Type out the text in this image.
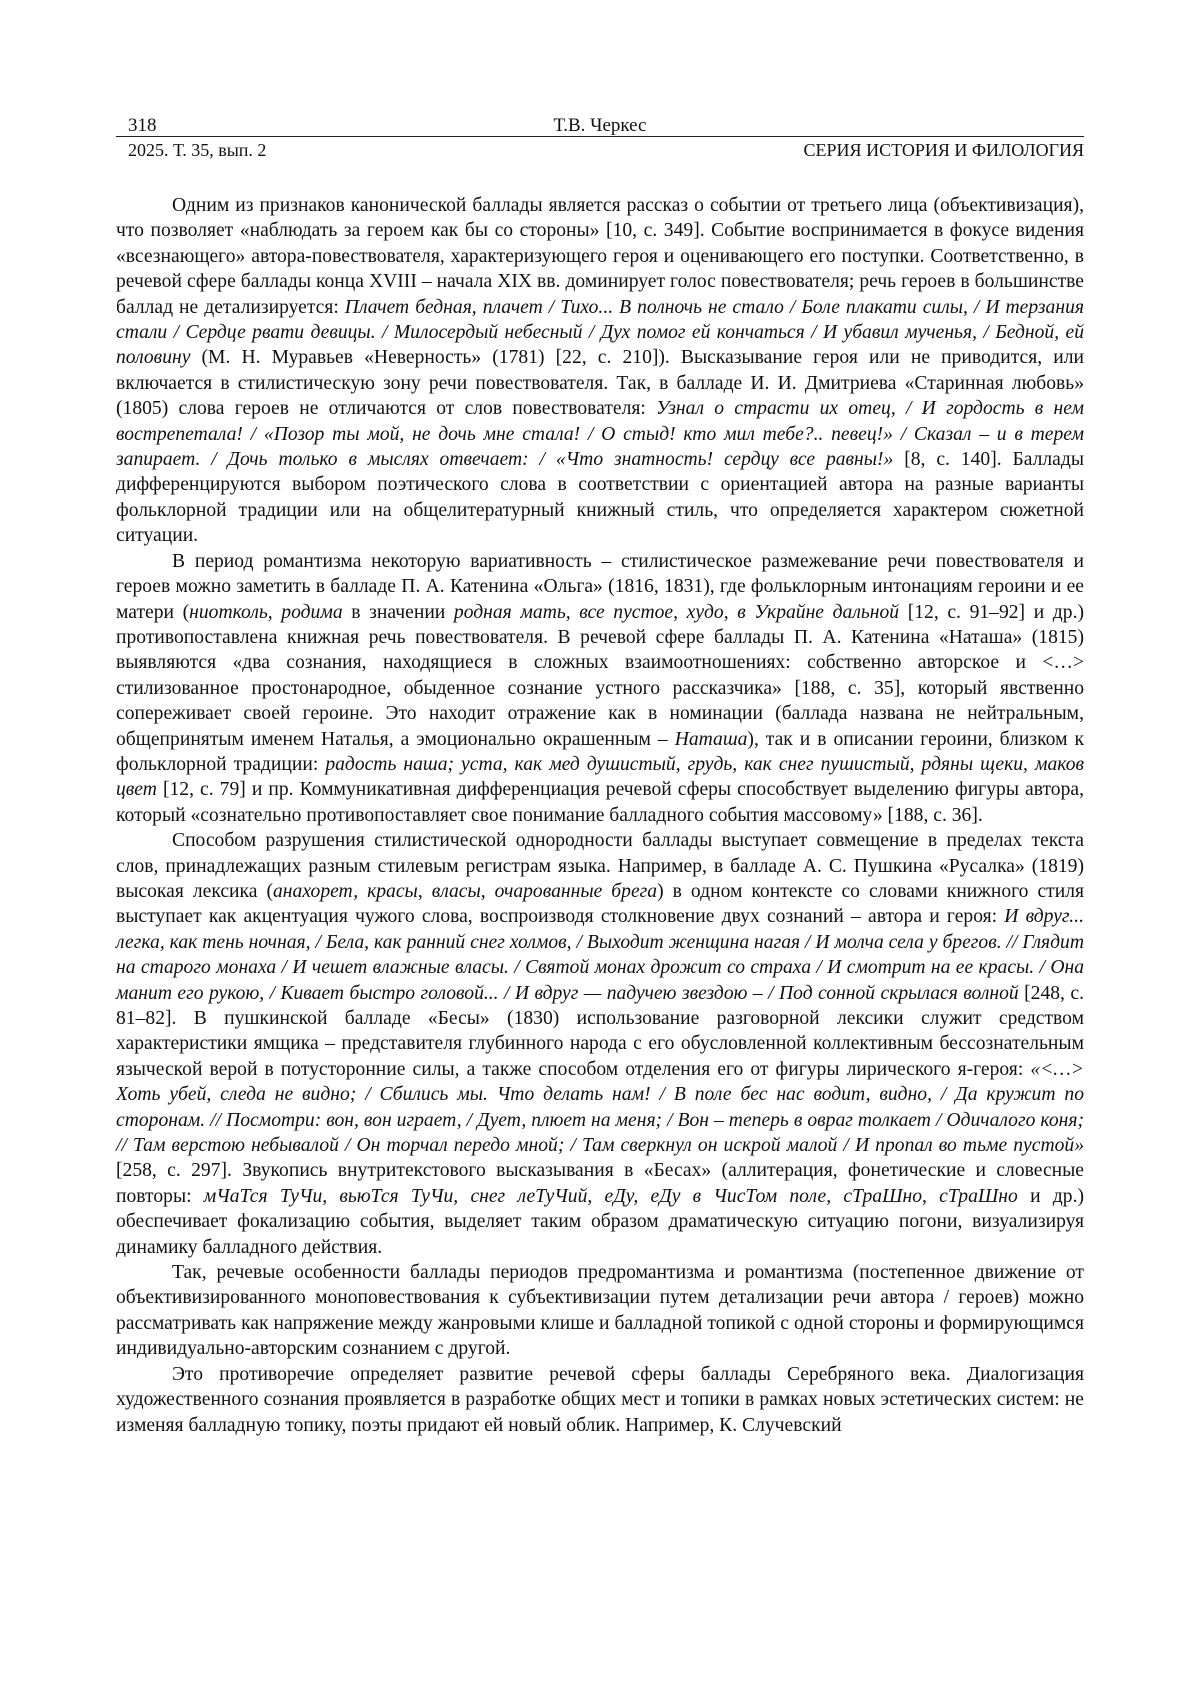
318	Т.В. Черкес
2025. Т. 35, вып. 2	СЕРИЯ ИСТОРИЯ И ФИЛОЛОГИЯ

Одним из признаков канонической баллады является рассказ о событии от третьего лица (объективизация), что позволяет «наблюдать за героем как бы со стороны» [10, с. 349]. Событие воспринимается в фокусе видения «всезнающего» автора-повествователя, характеризующего героя и оценивающего его поступки. Соответственно, в речевой сфере баллады конца XVIII – начала XIX вв. доминирует голос повествователя; речь героев в большинстве баллад не детализируется: Плачет бедная, плачет / Тихо... В полночь не стало / Боле плакати силы, / И терзания стали / Сердце рвати девицы. / Милосердый небесный / Дух помог ей кончаться / И убавил мученья, / Бедной, ей половину (М. Н. Муравьев «Неверность» (1781) [22, с. 210]). Высказывание героя или не приводится, или включается в стилистическую зону речи повествователя. Так, в балладе И. И. Дмитриева «Старинная любовь» (1805) слова героев не отличаются от слов повествователя: Узнал о страсти их отец, / И гордость в нем вострепетала! / «Позор ты мой, не дочь мне стала! / О стыд! кто мил тебе?.. певец!» / Сказал – и в терем запирает. / Дочь только в мыслях отвечает: / «Что знатность! сердцу все равны!» [8, с. 140]. Баллады дифференцируются выбором поэтического слова в соответствии с ориентацией автора на разные варианты фольклорной традиции или на общелитературный книжный стиль, что определяется характером сюжетной ситуации.

В период романтизма некоторую вариативность – стилистическое размежевание речи повествователя и героев можно заметить в балладе П. А. Катенина «Ольга» (1816, 1831), где фольклорным интонациям героини и ее матери (ниотколь, родима в значении родная мать, все пустое, худо, в Украйне дальной [12, с. 91–92] и др.) противопоставлена книжная речь повествователя. В речевой сфере баллады П. А. Катенина «Наташа» (1815) выявляются «два сознания, находящиеся в сложных взаимоотношениях: собственно авторское и <…> стилизованное простонародное, обыденное сознание устного рассказчика» [188, с. 35], который явственно сопереживает своей героине. Это находит отражение как в номинации (баллада названа не нейтральным, общепринятым именем Наталья, а эмоционально окрашенным – Наташа), так и в описании героини, близком к фольклорной традиции: радость наша; уста, как мед душистый, грудь, как снег пушистый, рдяны щеки, маков цвет [12, с. 79] и пр. Коммуникативная дифференциация речевой сферы способствует выделению фигуры автора, который «сознательно противопоставляет свое понимание балладного события массовому» [188, с. 36].

Способом разрушения стилистической однородности баллады выступает совмещение в пределах текста слов, принадлежащих разным стилевым регистрам языка. Например, в балладе А. С. Пушкина «Русалка» (1819) высокая лексика (анахорет, красы, власы, очарованные брега) в одном контексте со словами книжного стиля выступает как акцентуация чужого слова, воспроизводя столкновение двух сознаний – автора и героя: И вдруг... легка, как тень ночная, / Бела, как ранний снег холмов, / Выходит женщина нагая / И молча села у брегов. // Глядит на старого монаха / И чешет влажные власы. / Святой монах дрожит со страха / И смотрит на ее красы. / Она манит его рукою, / Кивает быстро головой... / И вдруг — падучею звездою – / Под сонной скрылася волной [248, с. 81–82]. В пушкинской балладе «Бесы» (1830) использование разговорной лексики служит средством характеристики ямщика – представителя глубинного народа с его обусловленной коллективным бессознательным языческой верой в потусторонние силы, а также способом отделения его от фигуры лирического я-героя: «<…> Хоть убей, следа не видно; / Сбились мы. Что делать нам! / В поле бес нас водит, видно, / Да кружит по сторонам. // Посмотри: вон, вон играет, / Дует, плюет на меня; / Вон – теперь в овраг толкает / Одичалого коня; // Там верстою небывалой / Он торчал передо мной; / Там сверкнул он искрой малой / И пропал во тьме пустой» [258, с. 297]. Звукопись внутритекстового высказывания в «Бесах» (аллитерация, фонетические и словесные повторы: мЧаТся ТуЧи, вьюТся ТуЧи, снег леТуЧий, еДу, еДу в ЧисТом поле, сТраШно, сТраШно и др.) обеспечивает фокализацию события, выделяет таким образом драматическую ситуацию погони, визуализируя динамику балладного действия.

Так, речевые особенности баллады периодов предромантизма и романтизма (постепенное движение от объективизированного моноповествования к субъективизации путем детализации речи автора / героев) можно рассматривать как напряжение между жанровыми клише и балладной топикой с одной стороны и формирующимся индивидуально-авторским сознанием с другой.

Это противоречие определяет развитие речевой сферы баллады Серебряного века. Диалогизация художественного сознания проявляется в разработке общих мест и топики в рамках новых эстетических систем: не изменяя балладную топику, поэты придают ей новый облик. Например, К. Случевский
